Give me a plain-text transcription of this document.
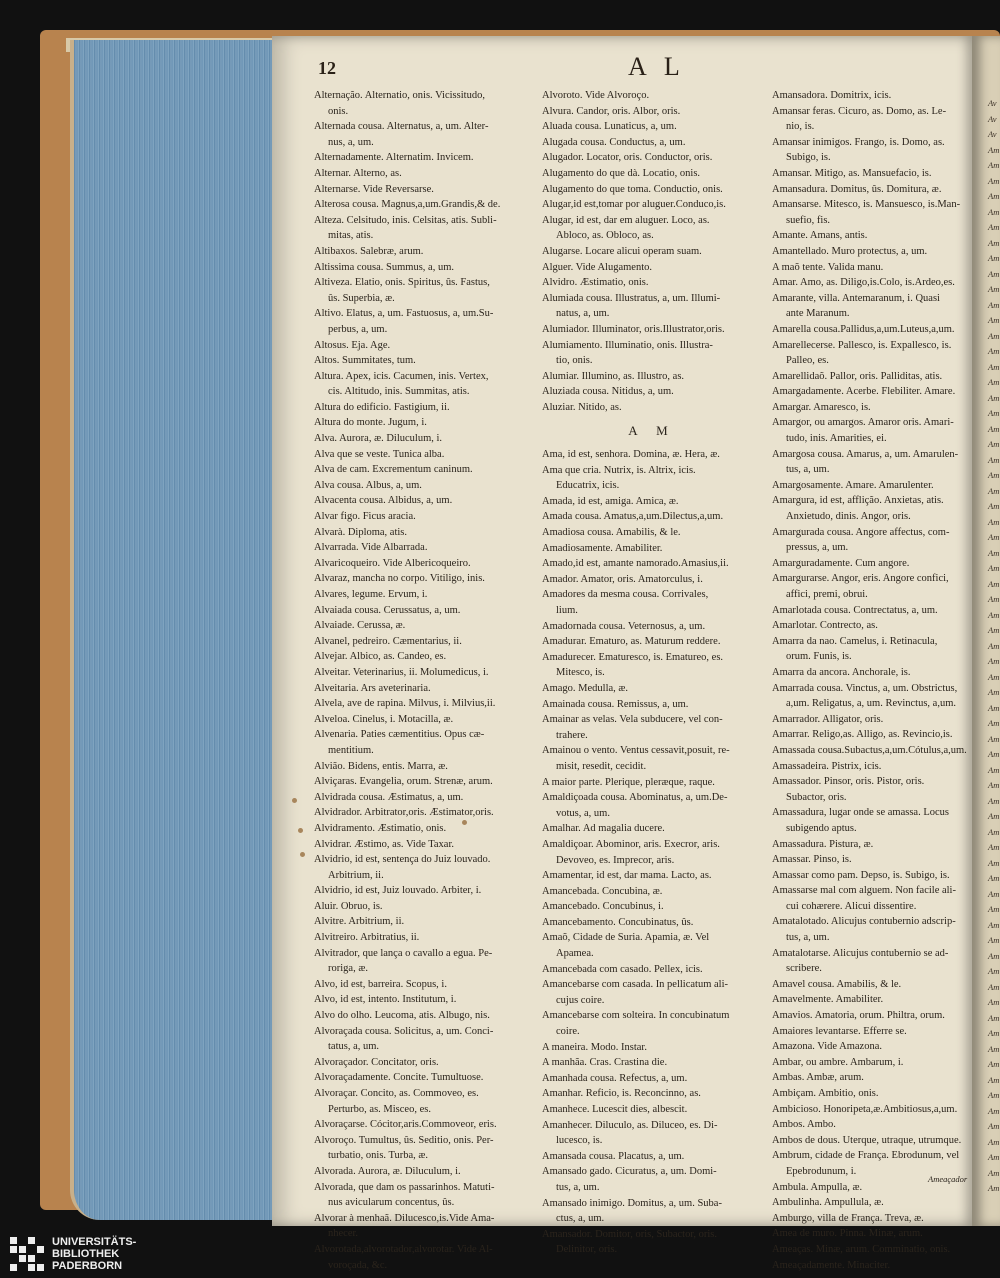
Av
Av
Av
Am
Am
Am
Am
Am
Am
Am
Am
Am
Am
Am
Am
Am
Am
Am
Am
Am
Am
Am
Am
Am
Am
Am
Am
Am
Am
Am
Am
Am
Am
Am
Am
Am
Am
Am
Am
Am
Am
Am
Am
Am
Am
Am
Am
Am
Am
Am
Am
Am
Am
Am
Am
Am
Am
Am
Am
Am
Am
Am
Am
Am
Am
Am
Am
Am
Am
Am
Am
12	A L
Alternação. Alternatio, onis. Vicissitudo,
onis.
Alternada cousa. Alternatus, a, um. Alter-
nus, a, um.
Alternadamente. Alternatim. Invicem.
Alternar. Alterno, as.
Alternarse. Vide Reversarse.
Alterosa cousa. Magnus,a,um.Grandis,& de.
Alteza. Celsitudo, inis. Celsitas, atis. Subli-
mitas, atis.
Altibaxos. Salebræ, arum.
Altissima cousa. Summus, a, um.
Altiveza. Elatio, onis. Spiritus, ûs. Fastus,
ûs. Superbia, æ.
Altivo. Elatus, a, um. Fastuosus, a, um.Su-
perbus, a, um.
Altosus. Eja. Age.
Altos. Summitates, tum.
Altura. Apex, icis. Cacumen, inis. Vertex,
cis. Altitudo, inis. Summitas, atis.
Altura do edificio. Fastigium, ii.
Altura do monte. Jugum, i.
Alva. Aurora, æ. Diluculum, i.
Alva que se veste. Tunica alba.
Alva de cam. Excrementum caninum.
Alva cousa. Albus, a, um.
Alvacenta cousa. Albidus, a, um.
Alvar figo. Ficus aracia.
Alvarà. Diploma, atis.
Alvarrada. Vide Albarrada.
Alvaricoqueiro. Vide Albericoqueiro.
Alvaraz, mancha no corpo. Vitiligo, inis.
Alvares, legume. Ervum, i.
Alvaiada cousa. Cerussatus, a, um.
Alvaiade. Cerussa, æ.
Alvanel, pedreiro. Cæmentarius, ii.
Alvejar. Albico, as. Candeo, es.
Alveitar. Veterinarius, ii. Molumedicus, i.
Alveitaria. Ars aveterinaria.
Alvela, ave de rapina. Milvus, i. Milvius,ii.
Alveloa. Cinelus, i. Motacilla, æ.
Alvenaria. Paties cæmentitius. Opus cæ-
mentitium.
Alvião. Bidens, entis. Marra, æ.
Alviçaras. Evangelia, orum. Strenæ, arum.
Alvidrada cousa. Æstimatus, a, um.
Alvidrador. Arbitrator,oris. Æstimator,oris.
Alvidramento. Æstimatio, onis.
Alvidrar. Æstimo, as. Vide Taxar.
Alvidrio, id est, sentença do Juiz louvado.
Arbitrium, ii.
Alvidrio, id est, Juiz louvado. Arbiter, i.
Aluir. Obruo, is.
Alvitre. Arbitrium, ii.
Alvitreiro. Arbitratius, ii.
Alvitrador, que lança o cavallo a egua. Pe-
roriga, æ.
Alvo, id est, barreira. Scopus, i.
Alvo, id est, intento. Institutum, i.
Alvo do olho. Leucoma, atis. Albugo, nis.
Alvoraçada cousa. Solicitus, a, um. Conci-
tatus, a, um.
Alvoraçador. Concitator, oris.
Alvoraçadamente. Concite. Tumultuose.
Alvoraçar. Concito, as. Commoveo, es.
Perturbo, as. Misceo, es.
Alvoraçarse. Cócitor,aris.Commoveor, eris.
Alvoroço. Tumultus, ûs. Seditio, onis. Per-
turbatio, onis. Turba, æ.
Alvorada. Aurora, æ. Diluculum, i.
Alvorada, que dam os passarinhos. Matuti-
nus avicularum concentus, ûs.
Alvorar à menhaã. Dilucesco,is.Vide Ama-
nhecer.
Alvorotada,alvorotador,alvorotar. Vide Al-
voroçada, &c.
Alvoroto. Vide Alvoroço.
Alvura. Candor, oris. Albor, oris.
Aluada cousa. Lunaticus, a, um.
Alugada cousa. Conductus, a, um.
Alugador. Locator, oris. Conductor, oris.
Alugamento do que dà. Locatio, onis.
Alugamento do que toma. Conductio, onis.
Alugar,id est,tomar por aluguer.Conduco,is.
Alugar, id est, dar em aluguer. Loco, as.
Abloco, as. Obloco, as.
Alugarse. Locare alicui operam suam.
Alguer. Vide Alugamento.
Alvidro. Æstimatio, onis.
Alumiada cousa. Illustratus, a, um. Illumi-
natus, a, um.
Alumiador. Illuminator, oris.Illustrator,oris.
Alumiamento. Illuminatio, onis. Illustra-
tio, onis.
Alumiar. Illumino, as. Illustro, as.
Aluziada cousa. Nitidus, a, um.
Aluziar. Nitido, as.
A M
Ama, id est, senhora. Domina, æ. Hera, æ.
Ama que cria. Nutrix, is. Altrix, icis.
Educatrix, icis.
Amada, id est, amiga. Amica, æ.
Amada cousa. Amatus,a,um.Dilectus,a,um.
Amadiosa cousa. Amabilis, & le.
Amadiosamente. Amabiliter.
Amado,id est, amante namorado.Amasius,ii.
Amador. Amator, oris. Amatorculus, i.
Amadores da mesma cousa. Corrivales,
lium.
Amadornada cousa. Veternosus, a, um.
Amadurar. Ematuro, as. Maturum reddere.
Amadurecer. Ematuresco, is. Ematureo, es.
Mitesco, is.
Amago. Medulla, æ.
Amainada cousa. Remissus, a, um.
Amainar as velas. Vela subducere, vel con-
trahere.
Amainou o vento. Ventus cessavit,posuit, re-
misit, resedit, cecidit.
A maior parte. Plerique, pleræque, raque.
Amaldiçoada cousa. Abominatus, a, um.De-
votus, a, um.
Amalhar. Ad magalia ducere.
Amaldiçoar. Abominor, aris. Execror, aris.
Devoveo, es. Imprecor, aris.
Amamentar, id est, dar mama. Lacto, as.
Amancebada. Concubina, æ.
Amancebado. Concubinus, i.
Amancebamento. Concubinatus, ûs.
Amaõ, Cidade de Suria. Apamia, æ. Vel
Apamea.
Amancebada com casado. Pellex, icis.
Amancebarse com casada. In pellicatum ali-
cujus coire.
Amancebarse com solteira. In concubinatum
coire.
A maneira. Modo. Instar.
A manhãa. Cras. Crastina die.
Amanhada cousa. Refectus, a, um.
Amanhar. Reficio, is. Reconcinno, as.
Amanhece. Lucescit dies, albescit.
Amanhecer. Diluculo, as. Diluceo, es. Di-
lucesco, is.
Amansada cousa. Placatus, a, um.
Amansado gado. Cicuratus, a, um. Domi-
tus, a, um.
Amansado inimigo. Domitus, a, um. Suba-
ctus, a, um.
Amansador. Domitor, oris, Subactor, oris.
Delinitor, oris.
Amansadora. Domitrix, icis.
Amansar feras. Cicuro, as. Domo, as. Le-
nio, is.
Amansar inimigos. Frango, is. Domo, as.
Subigo, is.
Amansar. Mitigo, as. Mansuefacio, is.
Amansadura. Domitus, ûs. Domitura, æ.
Amansarse. Mitesco, is. Mansuesco, is.Man-
suefio, fis.
Amante. Amans, antis.
Amantellado. Muro protectus, a, um.
A maõ tente. Valida manu.
Amar. Amo, as. Diligo,is.Colo, is.Ardeo,es.
Amarante, villa. Antemaranum, i. Quasi
ante Maranum.
Amarella cousa.Pallidus,a,um.Luteus,a,um.
Amarellecerse. Pallesco, is. Expallesco, is.
Palleo, es.
Amarellidaõ. Pallor, oris. Palliditas, atis.
Amargadamente. Acerbe. Flebiliter. Amare.
Amargar. Amaresco, is.
Amargor, ou amargos. Amaror oris. Amari-
tudo, inis. Amarities, ei.
Amargosa cousa. Amarus, a, um. Amarulen-
tus, a, um.
Amargosamente. Amare. Amarulenter.
Amargura, id est, afflição. Anxietas, atis.
Anxietudo, dinis. Angor, oris.
Amargurada cousa. Angore affectus, com-
pressus, a, um.
Amarguradamente. Cum angore.
Amargurarse. Angor, eris. Angore confici,
affici, premi, obrui.
Amarlotada cousa. Contrectatus, a, um.
Amarlotar. Contrecto, as.
Amarra da nao. Camelus, i. Retinacula,
orum. Funis, is.
Amarra da ancora. Anchorale, is.
Amarrada cousa. Vinctus, a, um. Obstrictus,
a,um. Religatus, a, um. Revinctus, a,um.
Amarrador. Alligator, oris.
Amarrar. Religo,as. Alligo, as. Revincio,is.
Amassada cousa.Subactus,a,um.Cótulus,a,um.
Amassadeira. Pistrix, icis.
Amassador. Pinsor, oris. Pistor, oris.
Subactor, oris.
Amassadura, lugar onde se amassa. Locus
subigendo aptus.
Amassadura. Pistura, æ.
Amassar. Pinso, is.
Amassar como pam. Depso, is. Subigo, is.
Amassarse mal com alguem. Non facile ali-
cui cohærere. Alicui dissentire.
Amatalotado. Alicujus contubernio adscrip-
tus, a, um.
Amatalotarse. Alicujus contubernio se ad-
scribere.
Amavel cousa. Amabilis, & le.
Amavelmente. Amabiliter.
Amavios. Amatoria, orum. Philtra, orum.
Amaiores levantarse. Efferre se.
Amazona. Vide Amazona.
Ambar, ou ambre. Ambarum, i.
Ambas. Ambæ, arum.
Ambiçam. Ambitio, onis.
Ambicioso. Honoripeta,æ.Ambitiosus,a,um.
Ambos. Ambo.
Ambos de dous. Uterque, utraque, utrumque.
Ambrum, cidade de França. Ebrodunum, vel
Epebrodunum, i.
Ambula. Ampulla, æ.
Ambulinha. Ampullula, æ.
Amburgo, villa de França. Treva, æ.
Amea de muro. Pinna. Minæ, arum.
Ameaças. Minæ, arum. Comminatio, onis.
Ameaçadamente. Minaciter.
Ameaçador
UNIVERSITÄTS-
BIBLIOTHEK
PADERBORN
